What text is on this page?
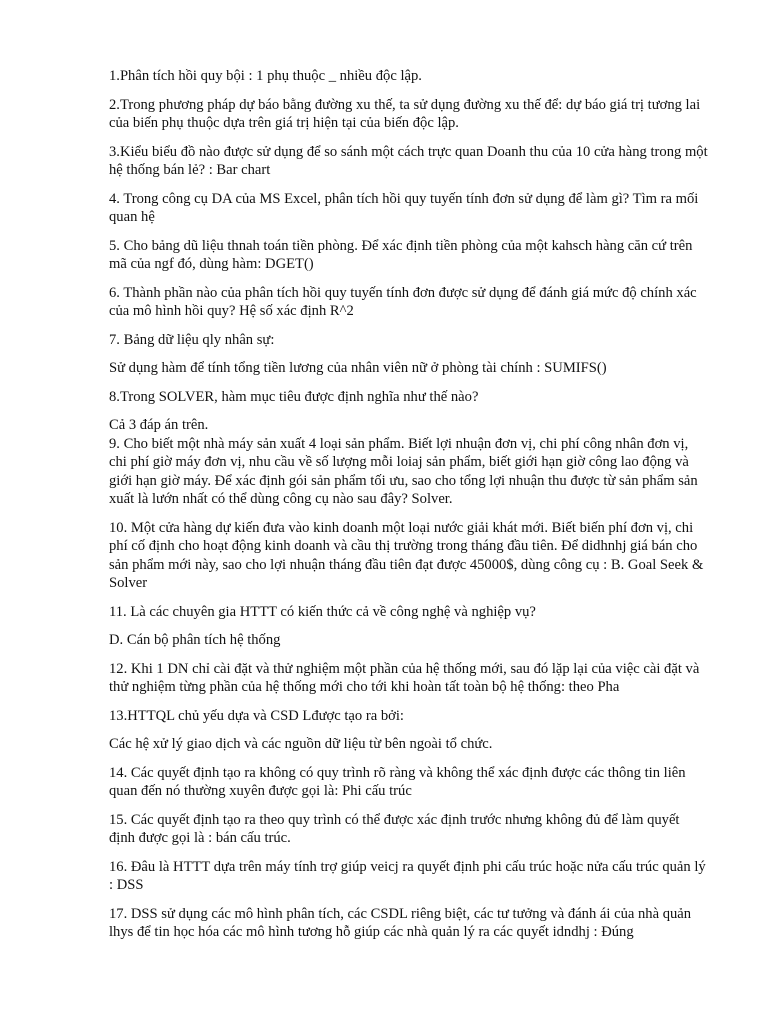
1.Phân tích hồi quy bội : 1 phụ thuộc _ nhiều độc lập.

2.Trong phương pháp dự báo bằng đường xu thế, ta sử dụng đường xu thế để: dự báo giá trị tương lai của biến phụ thuộc dựa trên giá trị hiện tại của biến độc lập.

3.Kiểu biểu đồ nào được sử dụng để so sánh một cách trực quan Doanh thu của 10 cửa hàng trong một hệ thống bán lẻ? : Bar chart

4. Trong công cụ DA của MS Excel, phân tích hồi quy tuyến tính đơn sử dụng để làm gì? Tìm ra mối quan hệ

5. Cho bảng dũ liệu thnah toán tiền phòng. Để xác định tiền phòng của một kahsch hàng căn cứ trên mã của ngf đó, dùng hàm: DGET()

6. Thành phần nào của phân tích hồi quy tuyến tính đơn được sử dụng để đánh giá mức độ chính xác của mô hình hồi quy? Hệ số xác định R^2

7. Bảng dữ liệu qly nhân sự:

Sử dụng hàm để tính tổng tiền lương của nhân viên nữ ở phòng tài chính : SUMIFS()

8.Trong SOLVER, hàm mục tiêu được định nghĩa như thế nào?

Cả 3 đáp án trên.

9. Cho biết một nhà máy sản xuất 4 loại sản phẩm. Biết lợi nhuận đơn vị, chi phí công nhân đơn vị, chi phí giờ máy đơn vị, nhu cầu về số lượng mỗi loiaj sản phẩm, biết giới hạn giờ công lao động và giới hạn giờ máy. Để xác định gói sản phẩm tối ưu, sao cho tổng lợi nhuận thu được từ sản phẩm sản xuất là lướn nhất có thể dùng công cụ nào sau đây? Solver.

10. Một cửa hàng dự kiến đưa vào kinh doanh một loại nước giải khát mới. Biết biến phí đơn vị, chi phí cố định cho hoạt động kinh doanh và cầu thị trường trong tháng đầu tiên. Để didhnhj giá bán cho sản phẩm mới này, sao cho lợi nhuận tháng đầu tiên đạt được 45000$, dùng công cụ : B. Goal Seek & Solver

11. Là các chuyên gia HTTT có kiến thức cả về công nghệ và nghiệp vụ?

D. Cán bộ phân tích hệ thống

12. Khi 1 DN chỉ cài đặt và thử nghiệm một phần của hệ thống mới, sau đó lặp lại của việc cài đặt và thử nghiệm từng phần của hệ thống mới cho tới khi hoàn tất toàn bộ hệ thống: theo Pha

13.HTTQL chủ yếu dựa và CSD Lđược tạo ra bởi:

Các hệ xử lý giao dịch và các nguồn dữ liệu từ bên ngoài tổ chức.

14. Các quyết định tạo ra không có quy trình rõ ràng và không thể xác định được các thông tin liên quan đến nó thường xuyên được gọi là: Phi cấu trúc

15. Các quyết định tạo ra theo quy trình có thể được xác định trước nhưng không đủ để làm quyết định được gọi là : bán cấu trúc.

16. Đâu là HTTT dựa trên máy tính trợ giúp veicj ra quyết định phi cấu trúc hoặc nửa cấu trúc quản lý : DSS

17. DSS sử dụng các mô hình phân tích, các CSDL riêng biệt, các tư tưởng và đánh ái của nhà quản lhys để tin học hóa các mô hình tương hỗ giúp các nhà quản lý ra các quyết idndhj : Đúng
